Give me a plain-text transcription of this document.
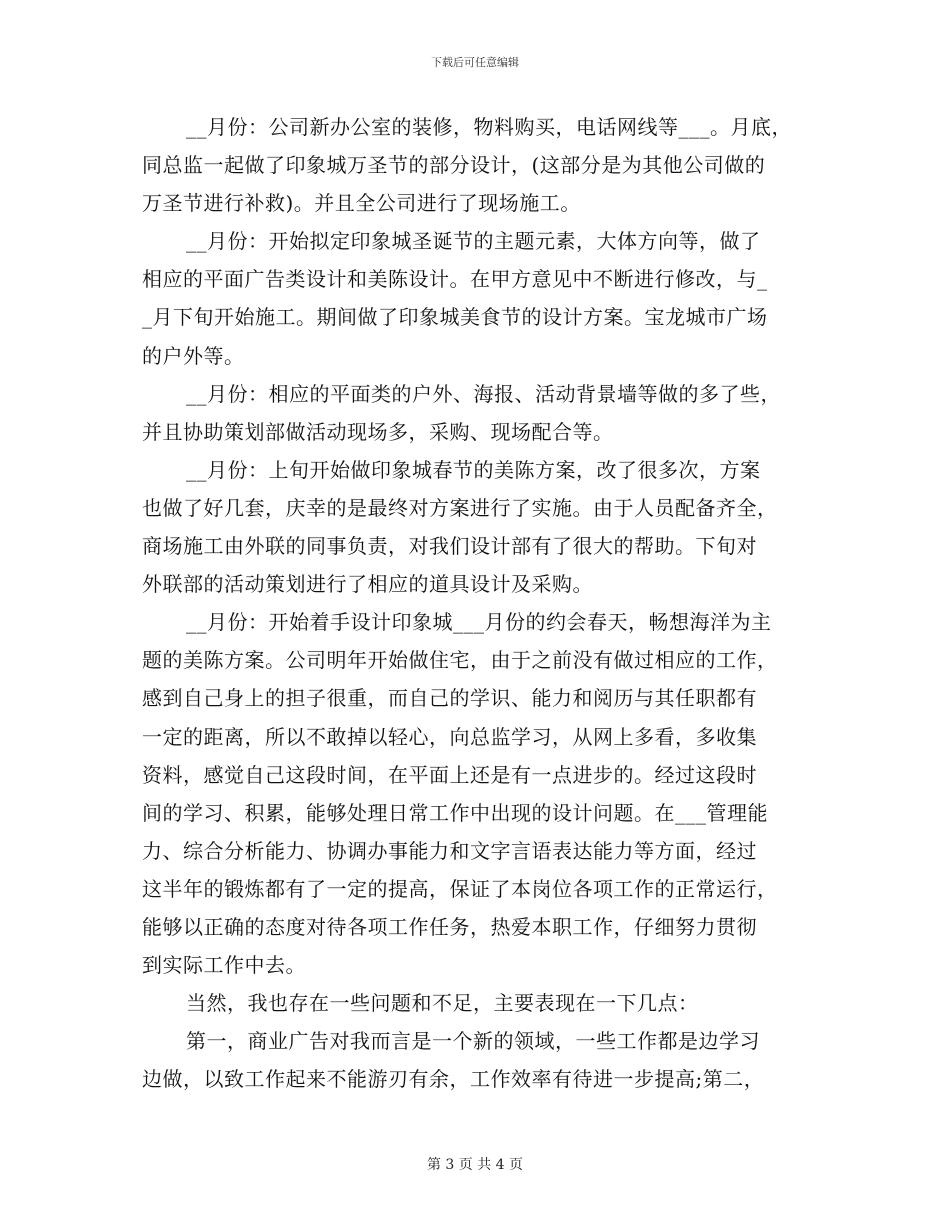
下载后可任意编辑
__月份：公司新办公室的装修，物料购买，电话网线等___。月底，
同总监一起做了印象城万圣节的部分设计，(这部分是为其他公司做的
万圣节进行补救)。并且全公司进行了现场施工。
__月份：开始拟定印象城圣诞节的主题元素，大体方向等，做了
相应的平面广告类设计和美陈设计。在甲方意见中不断进行修改，与_
_月下旬开始施工。期间做了印象城美食节的设计方案。宝龙城市广场
的户外等。
__月份：相应的平面类的户外、海报、活动背景墙等做的多了些，
并且协助策划部做活动现场多，采购、现场配合等。
__月份：上旬开始做印象城春节的美陈方案，改了很多次，方案
也做了好几套，庆幸的是最终对方案进行了实施。由于人员配备齐全，
商场施工由外联的同事负责，对我们设计部有了很大的帮助。下旬对
外联部的活动策划进行了相应的道具设计及采购。
__月份：开始着手设计印象城___月份的约会春天，畅想海洋为主
题的美陈方案。公司明年开始做住宅，由于之前没有做过相应的工作，
感到自己身上的担子很重，而自己的学识、能力和阅历与其任职都有
一定的距离，所以不敢掉以轻心，向总监学习，从网上多看，多收集
资料，感觉自己这段时间，在平面上还是有一点进步的。经过这段时
间的学习、积累，能够处理日常工作中出现的设计问题。在___管理能
力、综合分析能力、协调办事能力和文字言语表达能力等方面，经过
这半年的锻炼都有了一定的提高，保证了本岗位各项工作的正常运行，
能够以正确的态度对待各项工作任务，热爱本职工作，仔细努力贯彻
到实际工作中去。
当然，我也存在一些问题和不足，主要表现在一下几点：
第一，商业广告对我而言是一个新的领域，一些工作都是边学习
边做，以致工作起来不能游刃有余，工作效率有待进一步提高;第二，
第 3 页 共 4 页
